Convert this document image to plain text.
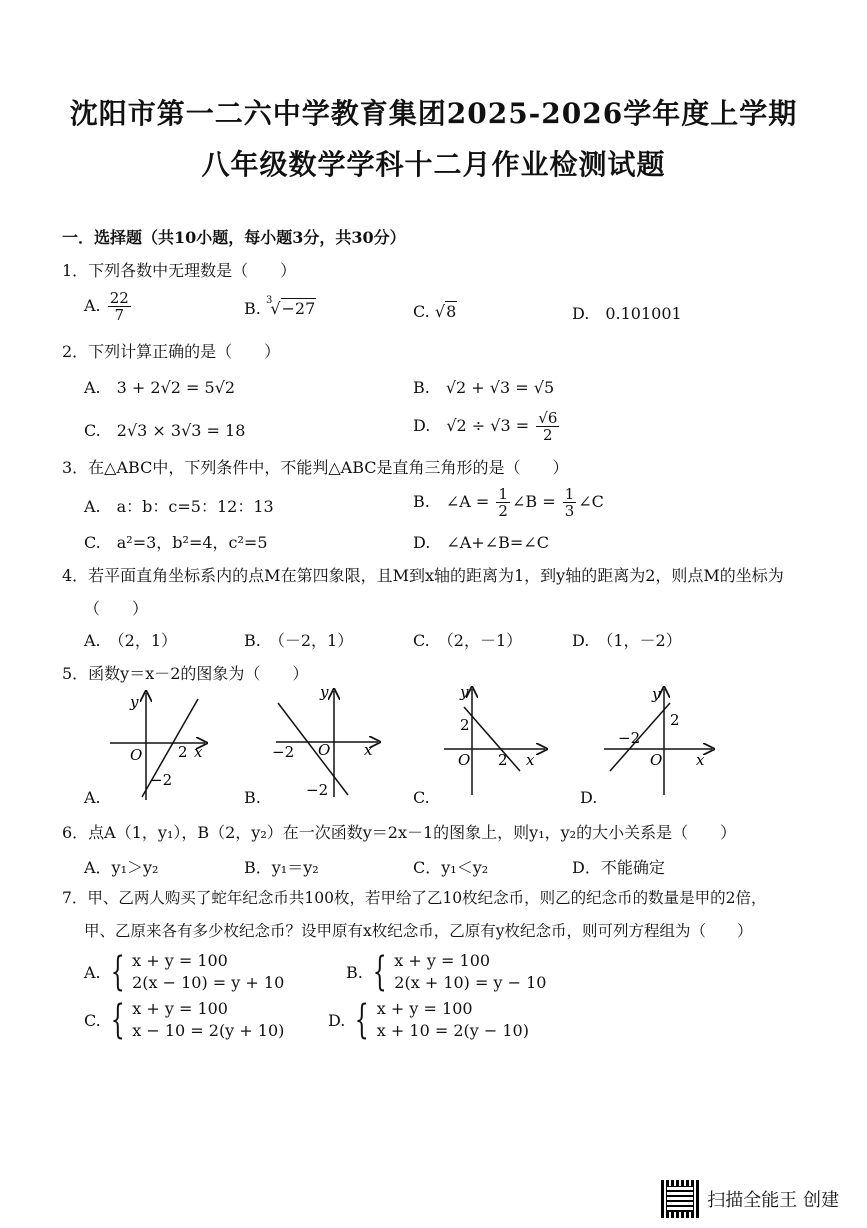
沈阳市第一二六中学教育集团2025-2026学年度上学期
八年级数学学科十二月作业检测试题
一．选择题（共10小题，每小题3分，共30分）
1．下列各数中无理数是（　　）
A. $\frac{22}{7}$	B. $^3$√−27	C. √8	D.　0.101001
2．下列计算正确的是（　　）
A.　3 + 2√2 = 5√2	B.　√2 + √3 = √5
C.　2√3 × 3√3 = 18	D.　$√2 \div √3 = \frac{√6}{2}$
3．在△ABC中，下列条件中，不能判△ABC是直角三角形的是（　　）
A.　a：b：c=5：12：13	B.　∠A = $\frac{1}{2}$ ∠B = $\frac{1}{3}$ ∠C
C.　a²=3，b²=4，c²=5	D.　∠A+∠B=∠C
4．若平面直角坐标系内的点M在第四象限，且M到x轴的距离为1，到y轴的距离为2，则点M的坐标为
（　　）
A.　（2，1）	B.　（－2，1）	C.　（2，－1）	D.　（1，－2）
5．函数y＝x－2的图象为（　　）
y
x
O 2
−2
A.
y
x
O
−2
−2
B.
y
x
O 2
2
C.
y
x
O
−2
2
D.
6．点A（1，y₁），B（2，y₂）在一次函数y＝2x－1的图象上，则y₁，y₂的大小关系是（　　）
A．y₁＞y₂	B．y₁＝y₂	C．y₁＜y₂	D．不能确定
7．甲、乙两人购买了蛇年纪念币共100枚，若甲给了乙10枚纪念币，则乙的纪念币的数量是甲的2倍，
甲、乙原来各有多少枚纪念币？设甲原有x枚纪念币，乙原有y枚纪念币，则可列方程组为（　　）
A. { x + y = 100
2(x − 10) = y + 10
B. { x + y = 100
2(x + 10) = y − 10
C. { x + y = 100
x − 10 = 2(y + 10)
D. { x + y = 100
x + 10 = 2(y − 10)
扫描全能王 创建
